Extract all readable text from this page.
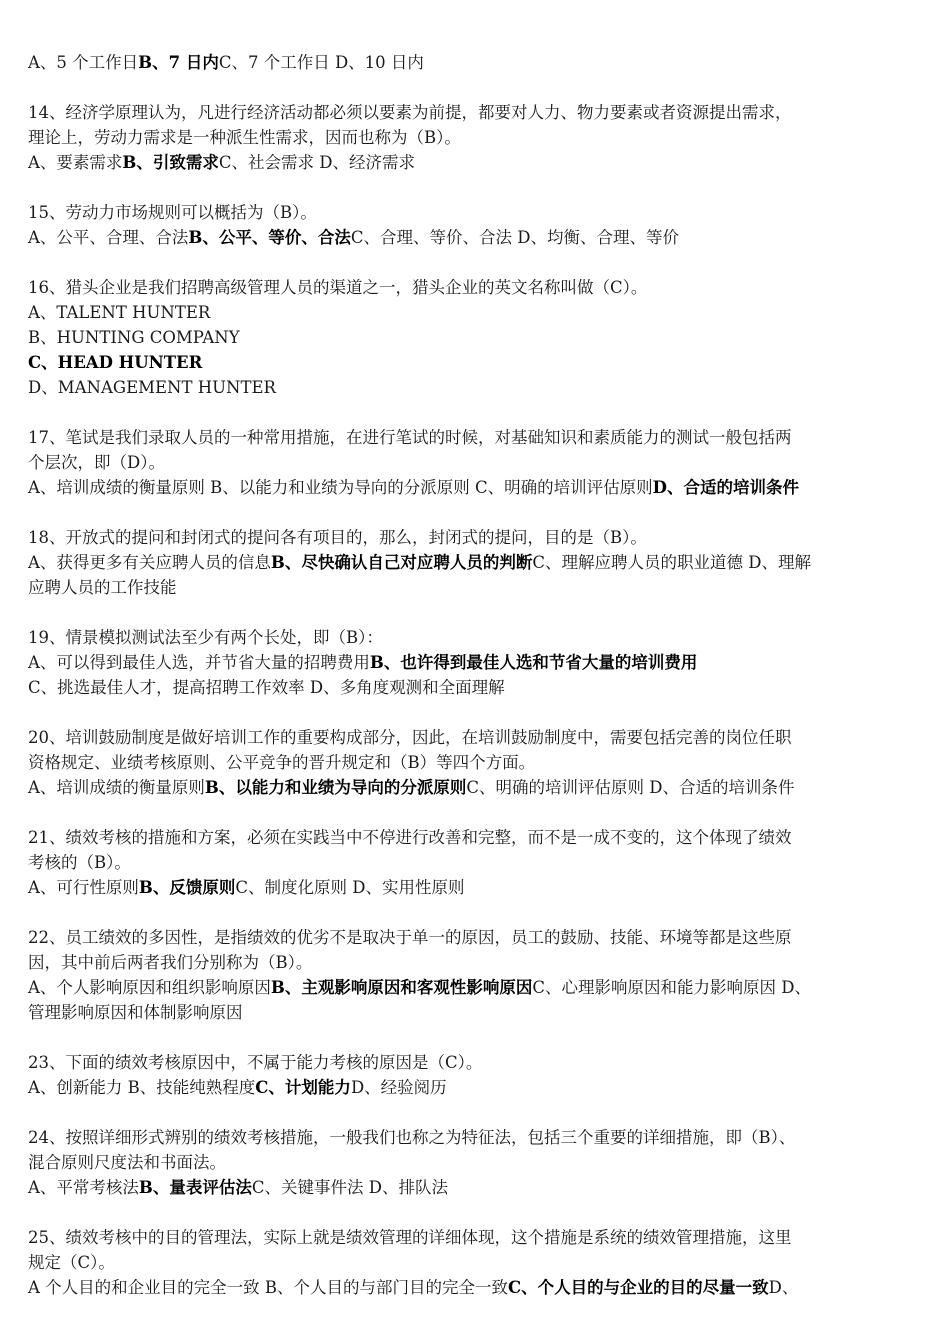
A、5 个工作日B、7 日内C、7 个工作日 D、10 日内
14、经济学原理认为，凡进行经济活动都必须以要素为前提，都要对人力、物力要素或者资源提出需求，
理论上，劳动力需求是一种派生性需求，因而也称为（B）。
A、要素需求B、引致需求C、社会需求 D、经济需求
15、劳动力市场规则可以概括为（B）。
A、公平、合理、合法B、公平、等价、合法C、合理、等价、合法 D、均衡、合理、等价
16、猎头企业是我们招聘高级管理人员的渠道之一，猎头企业的英文名称叫做（C）。
A、TALENT HUNTER
B、HUNTING COMPANY
C、HEAD HUNTER
D、MANAGEMENT HUNTER
17、笔试是我们录取人员的一种常用措施，在进行笔试的时候，对基础知识和素质能力的测试一般包括两
个层次，即（D）。
A、培训成绩的衡量原则 B、以能力和业绩为导向的分派原则 C、明确的培训评估原则D、合适的培训条件
18、开放式的提问和封闭式的提问各有项目的，那么，封闭式的提问，目的是（B）。
A、获得更多有关应聘人员的信息B、尽快确认自己对应聘人员的判断C、理解应聘人员的职业道德 D、理解
应聘人员的工作技能
19、情景模拟测试法至少有两个长处，即（B）：
A、可以得到最佳人选，并节省大量的招聘费用B、也许得到最佳人选和节省大量的培训费用
C、挑选最佳人才，提高招聘工作效率 D、多角度观测和全面理解
20、培训鼓励制度是做好培训工作的重要构成部分，因此，在培训鼓励制度中，需要包括完善的岗位任职
资格规定、业绩考核原则、公平竞争的晋升规定和（B）等四个方面。
A、培训成绩的衡量原则B、以能力和业绩为导向的分派原则C、明确的培训评估原则 D、合适的培训条件
21、绩效考核的措施和方案，必须在实践当中不停进行改善和完整，而不是一成不变的，这个体现了绩效
考核的（B）。
A、可行性原则B、反馈原则C、制度化原则 D、实用性原则
22、员工绩效的多因性，是指绩效的优劣不是取决于单一的原因，员工的鼓励、技能、环境等都是这些原
因，其中前后两者我们分别称为（B）。
A、个人影响原因和组织影响原因B、主观影响原因和客观性影响原因C、心理影响原因和能力影响原因 D、
管理影响原因和体制影响原因
23、下面的绩效考核原因中，不属于能力考核的原因是（C）。
A、创新能力 B、技能纯熟程度C、计划能力D、经验阅历
24、按照详细形式辨别的绩效考核措施，一般我们也称之为特征法，包括三个重要的详细措施，即（B）、
混合原则尺度法和书面法。
A、平常考核法B、量表评估法C、关键事件法 D、排队法
25、绩效考核中的目的管理法，实际上就是绩效管理的详细体现，这个措施是系统的绩效管理措施，这里
规定（C）。
A 个人目的和企业目的完全一致 B、个人目的与部门目的完全一致C、个人目的与企业的目的尽量一致D、
